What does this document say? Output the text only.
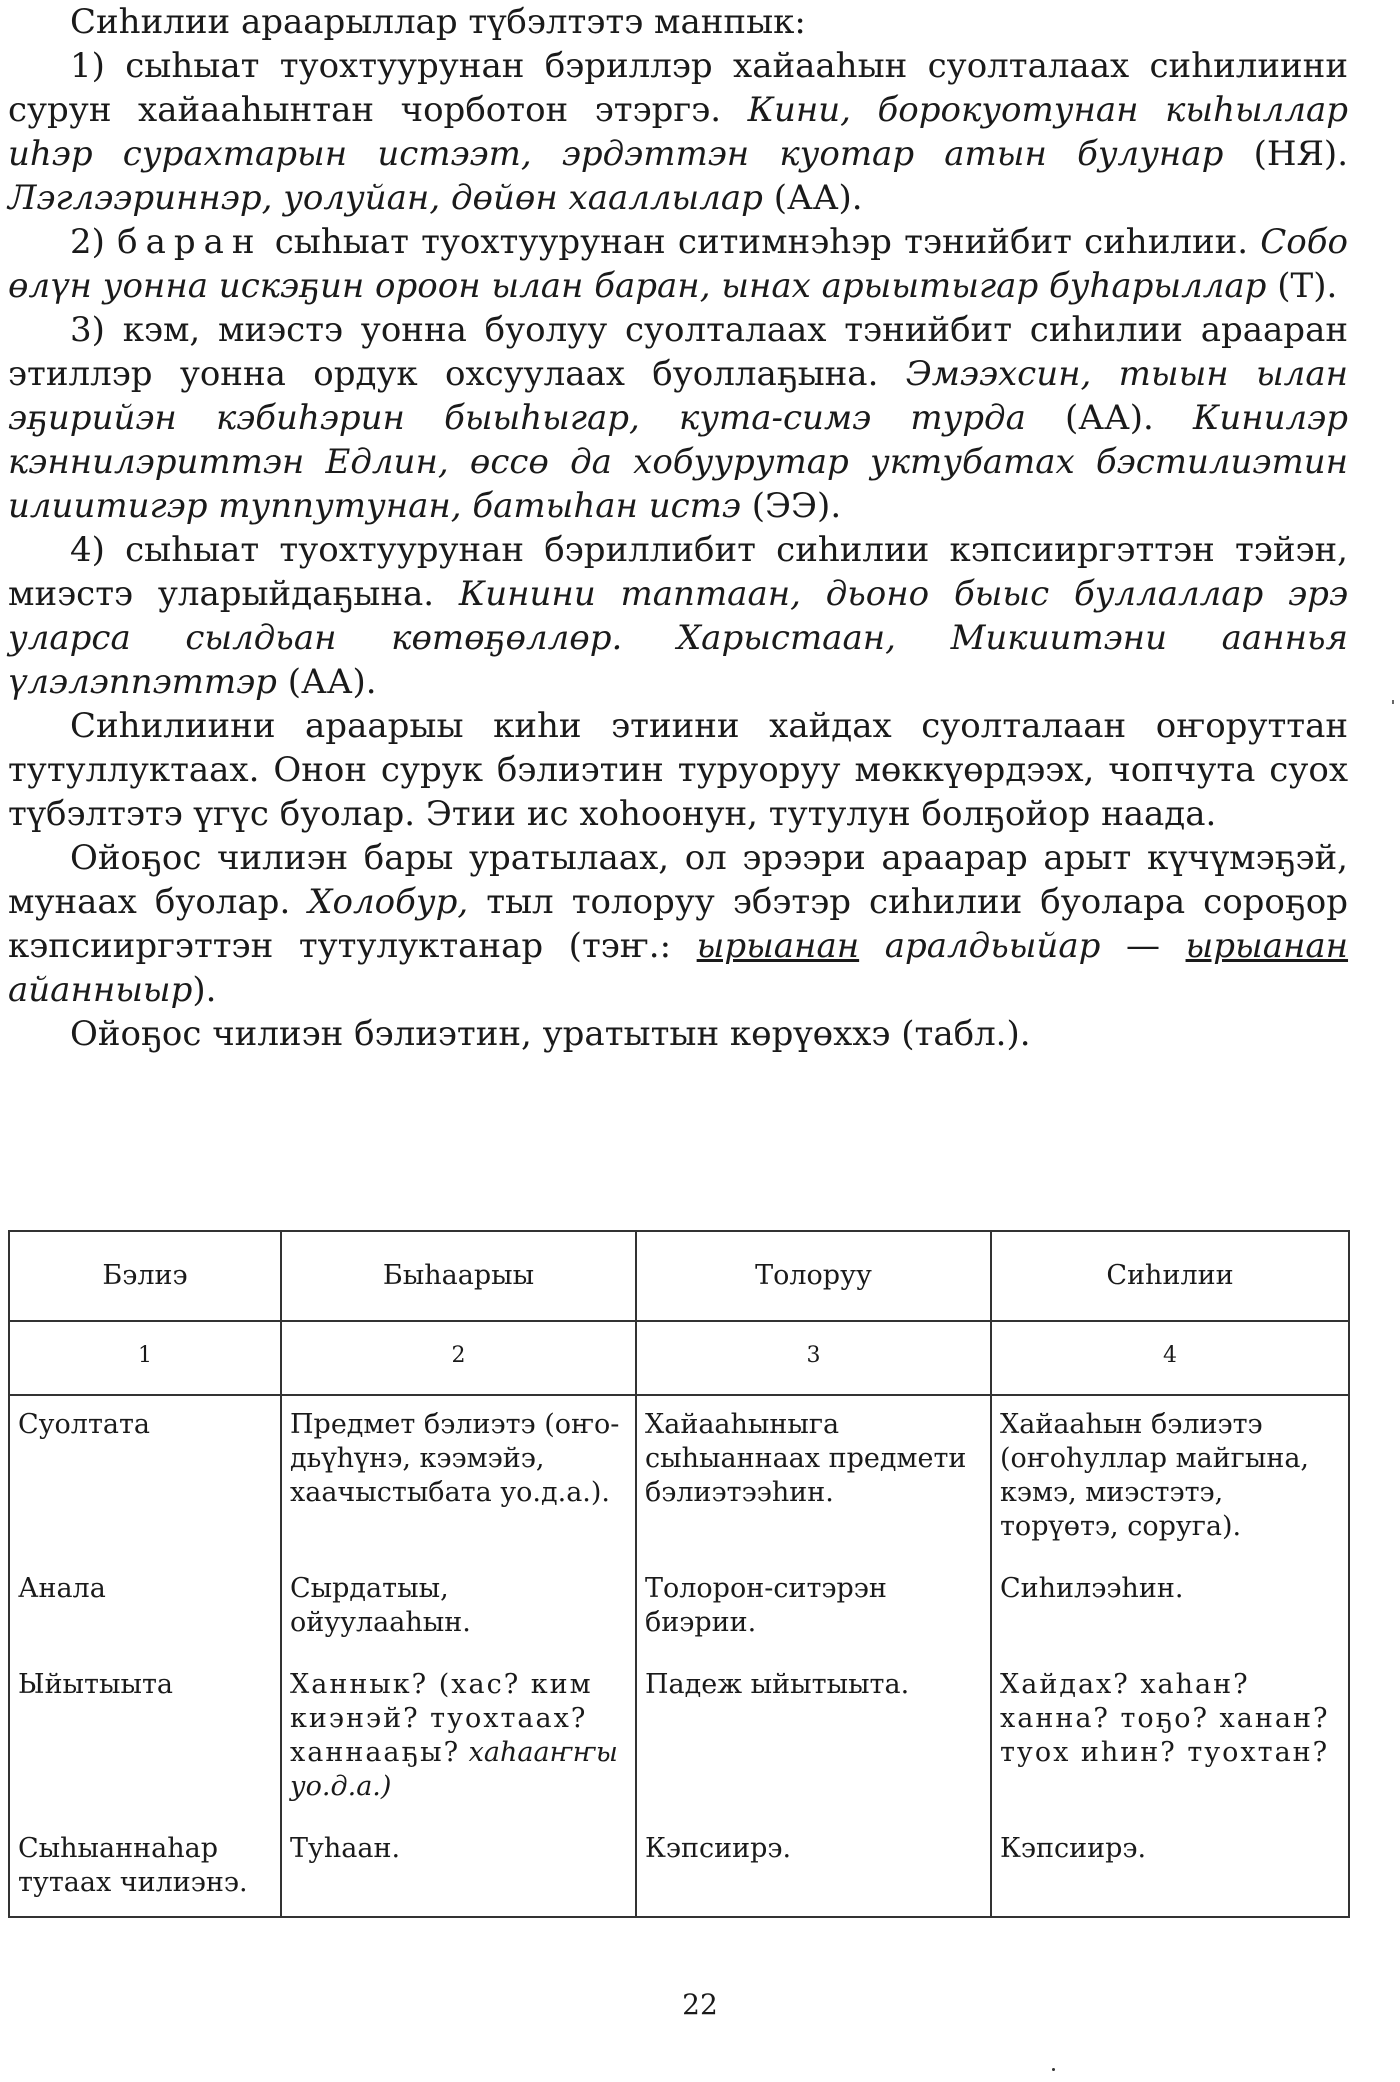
Сиһилии араарыллар түбэлтэтэ манпык:

1) сыһыат туохтуурунан бэриллэр хайааһын суолталаах сиһилиини сурун хайааһынтан чорботон этэргэ. Кини, борокуотунан кыһыллар иһэр сурахтарын истээт, эрдэттэн куотар атын булунар (НЯ). Лэглээриннэр, уолуйан, дөйөн хааллылар (АА).

2) баран сыһыат туохтуурунан ситимнэһэр тэнийбит сиһилии. Собо өлүн уонна искэҕин ороон ылан баран, ынах арыытыгар буһарыллар (Т).

3) кэм, миэстэ уонна буолуу суолталаах тэнийбит сиһилии арааран этиллэр уонна ордук охсуулаах буоллаҕына. Эмээхсин, тыын ылан эҕирийэн кэбиһэрин быыһыгар, кута-симэ турда (АА). Кинилэр кэннилэриттэн Едлин, өссө да хобуурутар уктубатах бэстилиэтин илиитигэр туппутунан, батыһан истэ (ЭЭ).

4) сыһыат туохтуурунан бэриллибит сиһилии кэпсииргэттэн тэйэн, миэстэ уларыйдаҕына. Кинини таптаан, дьоно быыс буллаллар эрэ уларса сылдьан көтөҕөллөр. Харыстаан, Микиитэни ааннья үлэлэппэттэр (АА).

Сиһилиини араарыы киһи этиини хайдах суолталаан оҥоруттан тутуллуктаах. Онон сурук бэлиэтин туруоруу мөккүөрдээх, чопчута суох түбэлтэтэ үгүс буолар. Этии ис хоһоонун, тутулун болҕойор наада.

Ойоҕос чилиэн бары уратылаах, ол эрээри араарар арыт күчүмэҕэй, мунаах буолар. Холобур, тыл толоруу эбэтэр сиһилии буолара сороҕор кэпсииргэттэн тутулуктанар (тэҥ.: ырыанан аралдьыйар — ырыанан айанныыр).

Ойоҕос чилиэн бэлиэтин, уратытын көрүөххэ (табл.).

Бэлиэ	Быһаарыы	Толоруу	Сиһилии
1	2	3	4
Суолтата	Предмет бэлиэтэ (оҥо-дьүһүнэ, кээмэйэ, хаачыстыбата уо.д.а.).	Хайааһыныга сыһыаннаах предмети бэлиэтээһин.	Хайааһын бэлиэтэ (оҥоһуллар майгына, кэмэ, миэстэтэ, торүөтэ, соруга).
Анала	Сырдатыы, ойуулааһын.	Толорон-ситэрэн биэрии.	Сиһилээһин.
Ыйытыыта	Ханнык? (хас? ким киэнэй? туохтаах? ханнааҕы? хаһааҥҥы уо.д.а.)	Падеж ыйытыыта.	Хайдах? хаһан? ханна? тоҕо? ханан? туох иһин? туохтан?
Сыһыаннаһар тутаах чилиэнэ.	Туһаан.	Кэпсиирэ.	Кэпсиирэ.
22
